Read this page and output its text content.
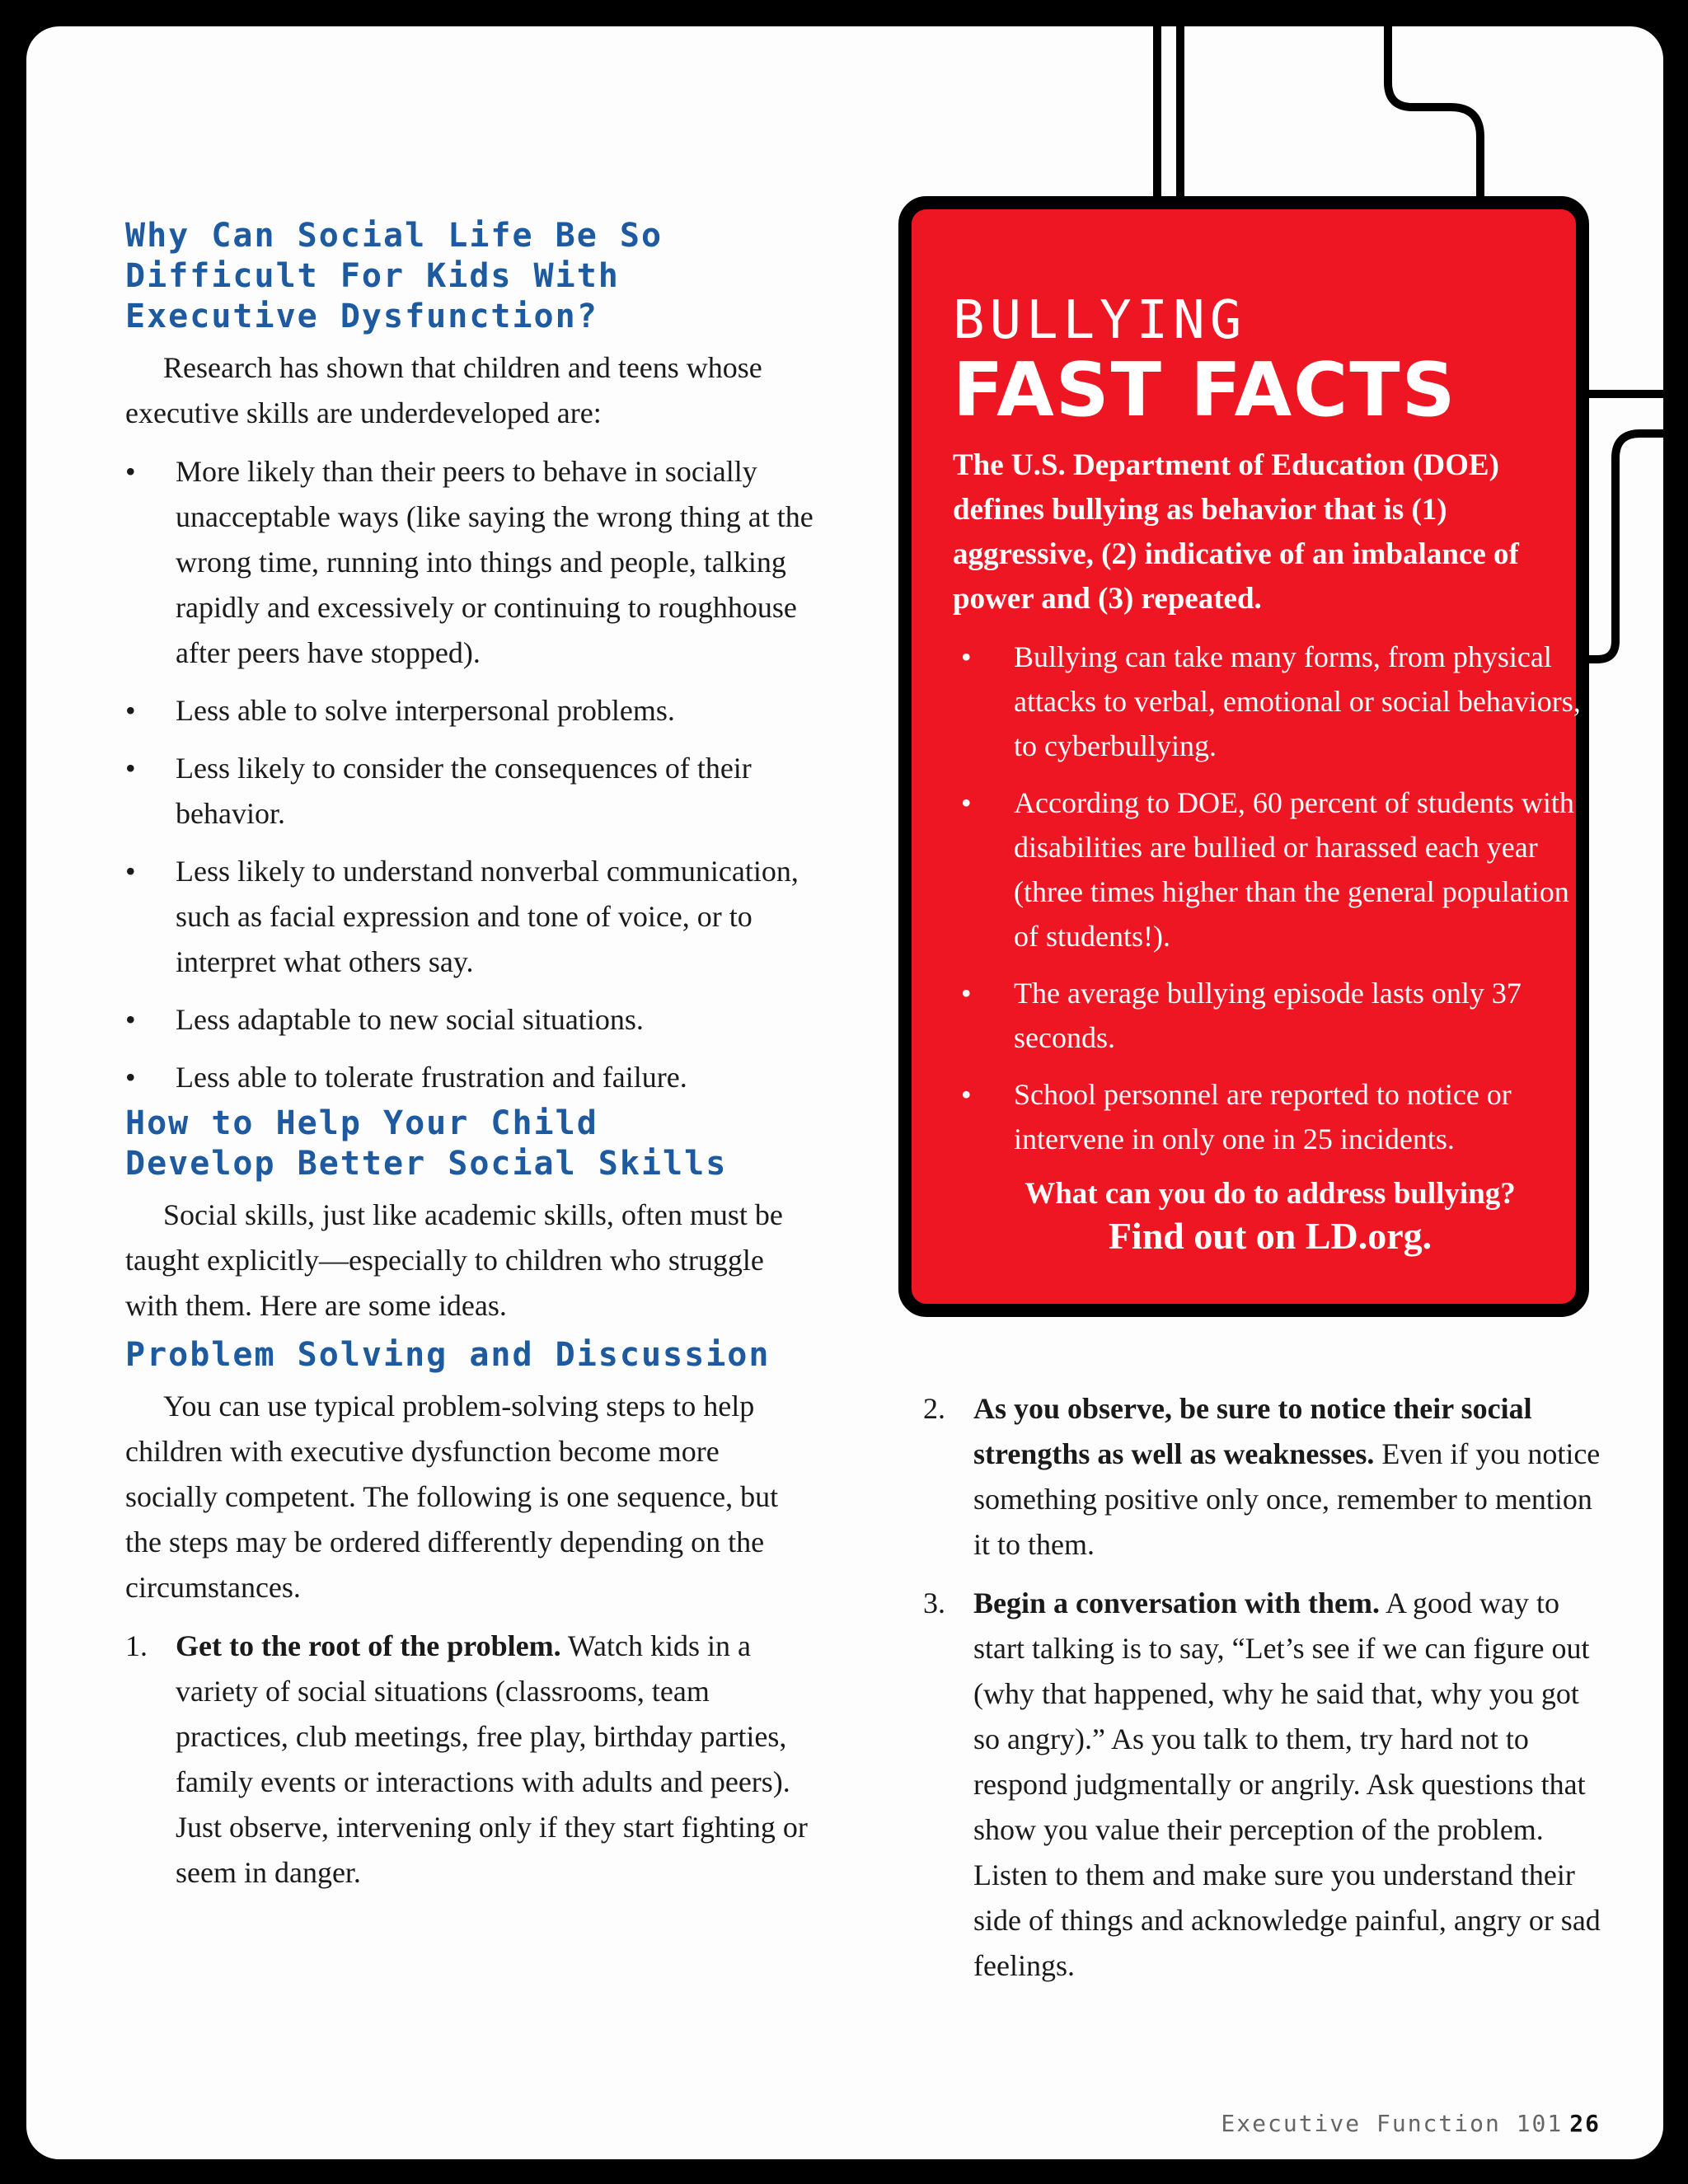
Why Can Social Life Be So Difficult For Kids With Executive Dysfunction?

Research has shown that children and teens whose executive skills are underdeveloped are:

•	More likely than their peers to behave in socially unacceptable ways (like saying the wrong thing at the wrong time, running into things and people, talking rapidly and excessively or continuing to roughhouse after peers have stopped).
•	Less able to solve interpersonal problems.
•	Less likely to consider the consequences of their behavior.
•	Less likely to understand nonverbal communication, such as facial expression and tone of voice, or to interpret what others say.
•	Less adaptable to new social situations.
•	Less able to tolerate frustration and failure.
How to Help Your Child Develop Better Social Skills

Social skills, just like academic skills, often must be taught explicitly—especially to children who struggle with them. Here are some ideas.

Problem Solving and Discussion

You can use typical problem-solving steps to help children with executive dysfunction become more socially competent. The following is one sequence, but the steps may be ordered differently depending on the circumstances.

1. Get to the root of the problem. Watch kids in a variety of social situations (classrooms, team practices, club meetings, free play, birthday parties, family events or interactions with adults and peers). Just observe, intervening only if they start fighting or seem in danger.
2. As you observe, be sure to notice their social strengths as well as weaknesses. Even if you notice something positive only once, remember to mention it to them.
3. Begin a conversation with them. A good way to start talking is to say, “Let’s see if we can figure out (why that happened, why he said that, why you got so angry).” As you talk to them, try hard not to respond judgmentally or angrily. Ask questions that show you value their perception of the problem. Listen to them and make sure you understand their side of things and acknowledge painful, angry or sad feelings.
Executive Function 101 26

BULLYING

FAST FACTS

The U.S. Department of Education (DOE) defines bullying as behavior that is (1) aggressive, (2) indicative of an imbalance of power and (3) repeated.

• Bullying can take many forms, from physical attacks to verbal, emotional or social behaviors, to cyberbullying.
• According to DOE, 60 percent of students with disabilities are bullied or harassed each year (three times higher than the general population of students!).
• The average bullying episode lasts only 37 seconds.
• School personnel are reported to notice or intervene in only one in 25 incidents.

What can you do to address bullying?

Find out on LD.org.
